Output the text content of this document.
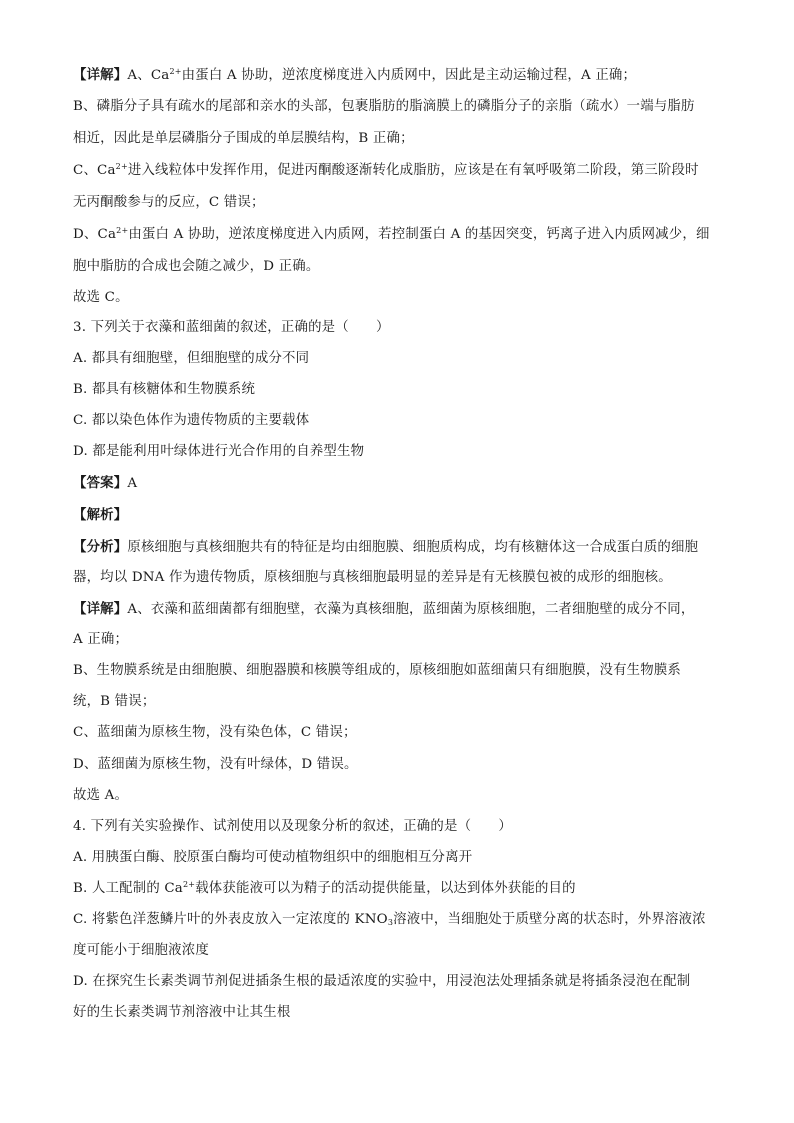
【详解】A、$Ca^{2+}$由蛋白 A 协助，逆浓度梯度进入内质网中，因此是主动运输过程，A 正确；
B、磷脂分子具有疏水的尾部和亲水的头部，包裹脂肪的脂滴膜上的磷脂分子的亲脂（疏水）一端与脂肪
相近，因此是单层磷脂分子围成的单层膜结构，B 正确；
C、$Ca^{2+}$进入线粒体中发挥作用，促进丙酮酸逐渐转化成脂肪，应该是在有氧呼吸第二阶段，第三阶段时
无丙酮酸参与的反应，C 错误；
D、$Ca^{2+}$由蛋白 A 协助，逆浓度梯度进入内质网，若控制蛋白 A 的基因突变，钙离子进入内质网减少，细
胞中脂肪的合成也会随之减少，D 正确。
故选 C。
3. 下列关于衣藻和蓝细菌的叙述，正确的是（　　）
A. 都具有细胞壁，但细胞壁的成分不同
B. 都具有核糖体和生物膜系统
C. 都以染色体作为遗传物质的主要载体
D. 都是能利用叶绿体进行光合作用的自养型生物
【答案】A
【解析】
【分析】原核细胞与真核细胞共有的特征是均由细胞膜、细胞质构成，均有核糖体这一合成蛋白质的细胞
器，均以 DNA 作为遗传物质，原核细胞与真核细胞最明显的差异是有无核膜包被的成形的细胞核。
【详解】A、衣藻和蓝细菌都有细胞壁，衣藻为真核细胞，蓝细菌为原核细胞，二者细胞壁的成分不同，
A 正确；
B、生物膜系统是由细胞膜、细胞器膜和核膜等组成的，原核细胞如蓝细菌只有细胞膜，没有生物膜系
统，B 错误；
C、蓝细菌为原核生物，没有染色体，C 错误；
D、蓝细菌为原核生物，没有叶绿体，D 错误。
故选 A。
4. 下列有关实验操作、试剂使用以及现象分析的叙述，正确的是（　　）
A. 用胰蛋白酶、胶原蛋白酶均可使动植物组织中的细胞相互分离开
B. 人工配制的 $Ca^{2+}$载体获能液可以为精子的活动提供能量，以达到体外获能的目的
C. 将紫色洋葱鳞片叶的外表皮放入一定浓度的 $KNO_3$溶液中，当细胞处于质壁分离的状态时，外界溶液浓
度可能小于细胞液浓度
D. 在探究生长素类调节剂促进插条生根的最适浓度的实验中，用浸泡法处理插条就是将插条浸泡在配制
好的生长素类调节剂溶液中让其生根
